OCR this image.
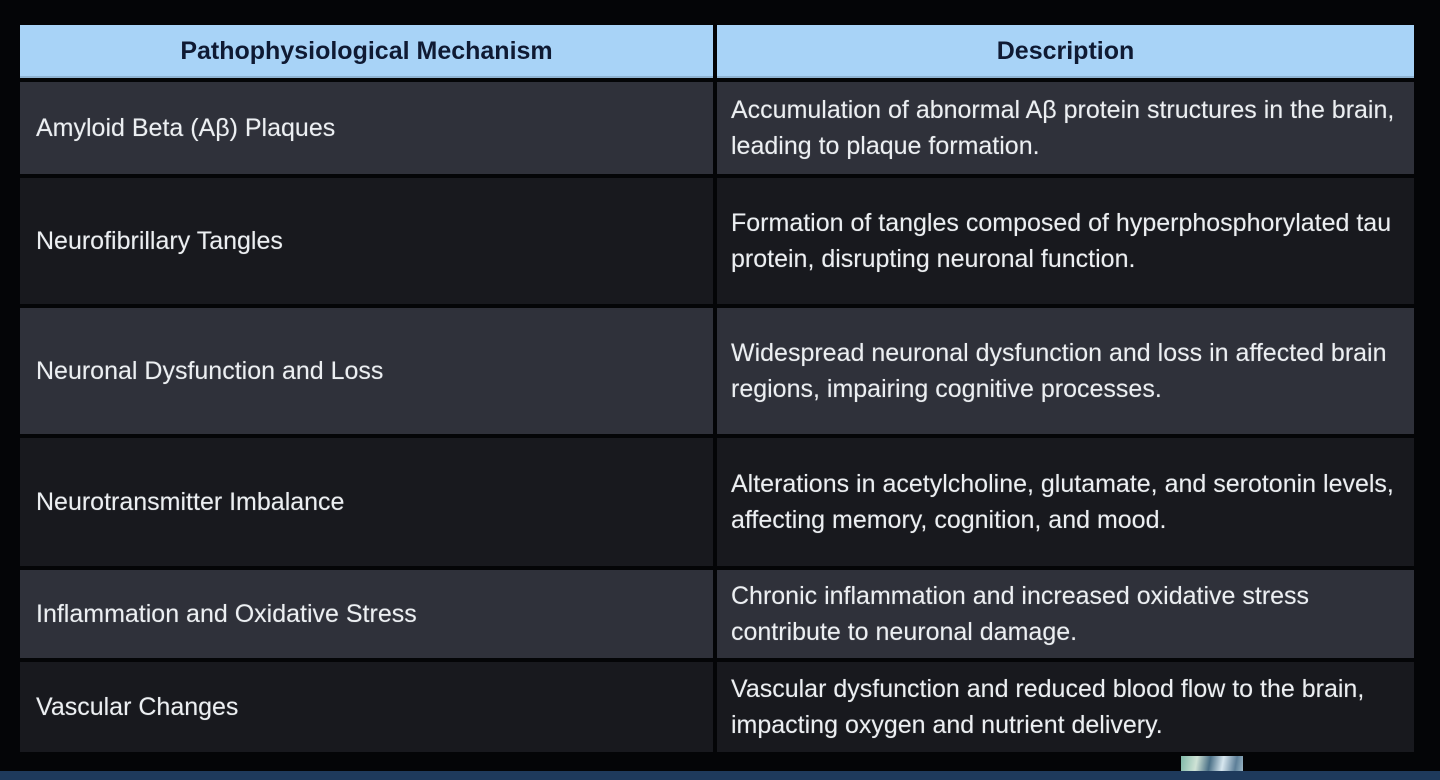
Pathophysiological Mechanism	Description
Amyloid Beta (Aβ) Plaques	Accumulation of abnormal Aβ protein structures in the brain, leading to plaque formation.
Neurofibrillary Tangles	Formation of tangles composed of hyperphosphorylated tau protein, disrupting neuronal function.
Neuronal Dysfunction and Loss	Widespread neuronal dysfunction and loss in affected brain regions, impairing cognitive processes.
Neurotransmitter Imbalance	Alterations in acetylcholine, glutamate, and serotonin levels, affecting memory, cognition, and mood.
Inflammation and Oxidative Stress	Chronic inflammation and increased oxidative stress contribute to neuronal damage.
Vascular Changes	Vascular dysfunction and reduced blood flow to the brain, impacting oxygen and nutrient delivery.
